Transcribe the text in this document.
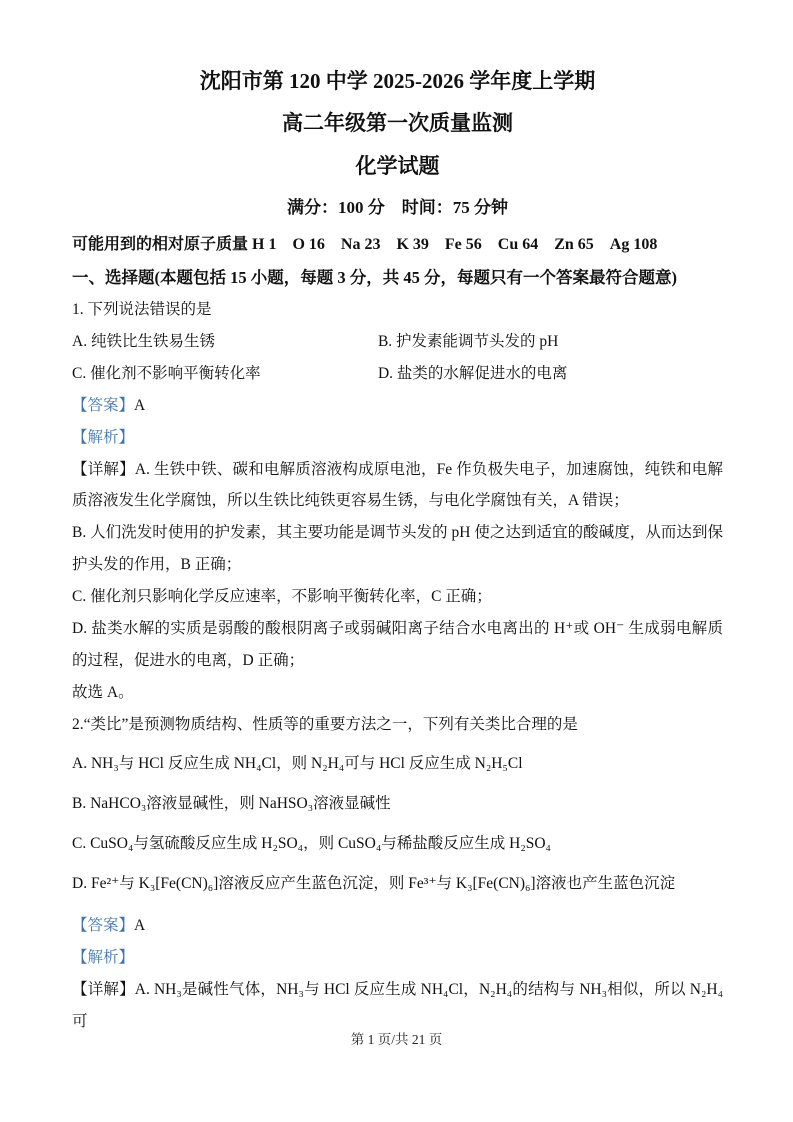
沈阳市第 120 中学 2025-2026 学年度上学期
高二年级第一次质量监测
化学试题
满分：100 分　时间：75 分钟
可能用到的相对原子质量 H 1　O 16　Na 23　K 39　Fe 56　Cu 64　Zn 65　Ag 108
一、选择题(本题包括 15 小题，每题 3 分，共 45 分，每题只有一个答案最符合题意)

1. 下列说法错误的是

A. 纯铁比生铁易生锈	B. 护发素能调节头发的 pH
C. 催化剂不影响平衡转化率	D. 盐类的水解促进水的电离

【答案】A

【解析】

【详解】A. 生铁中铁、碳和电解质溶液构成原电池，Fe 作负极失电子，加速腐蚀，纯铁和电解质溶液发生化学腐蚀，所以生铁比纯铁更容易生锈，与电化学腐蚀有关，A 错误；

B. 人们洗发时使用的护发素，其主要功能是调节头发的 pH 使之达到适宜的酸碱度，从而达到保护头发的作用，B 正确；

C. 催化剂只影响化学反应速率，不影响平衡转化率，C 正确；

D. 盐类水解的实质是弱酸的酸根阴离子或弱碱阳离子结合水电离出的 H⁺或 OH⁻ 生成弱电解质的过程，促进水的电离，D 正确；

故选 A。

2.“类比”是预测物质结构、性质等的重要方法之一，下列有关类比合理的是

A. NH₃与 HCl 反应生成 NH₄Cl，则 N₂H₄可与 HCl 反应生成 N₂H₅Cl
B. NaHCO₃溶液显碱性，则 NaHSO₃溶液显碱性
C. CuSO₄与氢硫酸反应生成 H₂SO₄，则 CuSO₄与稀盐酸反应生成 H₂SO₄
D. Fe²⁺与 K₃[Fe(CN)₆]溶液反应产生蓝色沉淀，则 Fe³⁺与 K₃[Fe(CN)₆]溶液也产生蓝色沉淀

【答案】A

【解析】

【详解】A. NH₃是碱性气体，NH₃与 HCl 反应生成 NH₄Cl，N₂H₄的结构与 NH₃相似，所以 N₂H₄可

第 1 页/共 21 页
